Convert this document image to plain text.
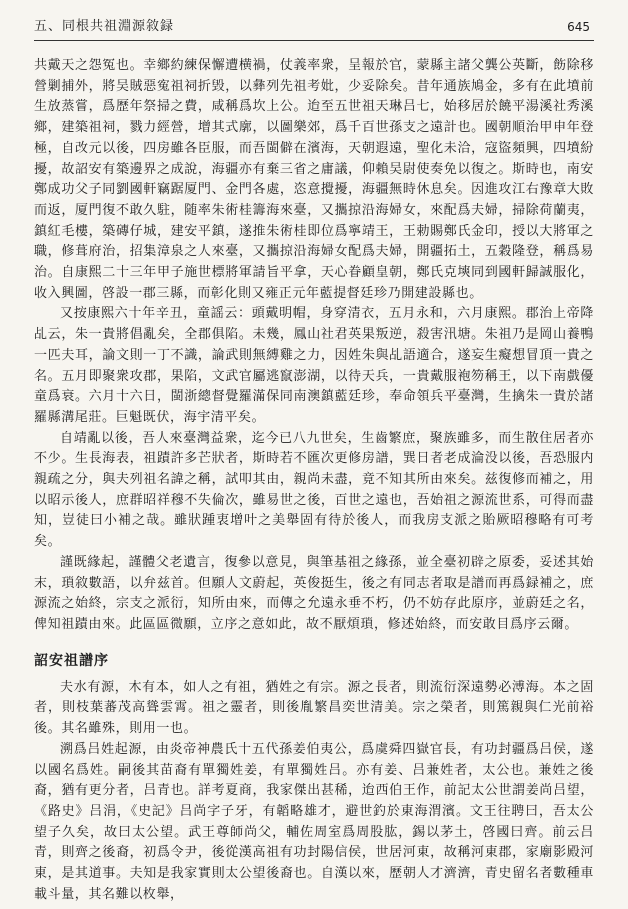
五、同根共祖淵源敘録	645

共戴天之怨冤也。幸鄉約練保懈遭横禍，仗義率衆，呈報於官，蒙縣主諸父龔公英斷，飭除移營剿捕外，將吴賊惡寃祖祠折毁，以彝列先祖考妣，少妥除矣。昔年通族鳩金，多有在此墳前生放蒸嘗，爲歷年祭掃之費，咸稱爲坎上公。迨至五世祖天琳吕七，始移居於饒平湯溪社秀溪鄉，建築祖祠，戮力經營，增其式廓，以圖樂郊，爲千百世孫支之遠計也。國朝順治甲申年登極，自改元以後，四房雖各臣服，而吾閩僻在濱海，天朝遐遠，聖化未洽，寇盜頻興，四墳紛擾，故詔安有築邊界之成說，海疆亦有棄三省之庸議，仰賴吴尉使奏免以復之。斯時也，南安鄭成功父子同劉國軒竊踞厦門、金門各處，恣意攪擾，海疆無時休息矣。因進攻江右豫章大敗而返，厦門復不敢久駐，随率朱術桂籌海來臺，又攜掠沿海婦女，來配爲夫婦，掃除荷蘭夷，鎮紅毛樓，築磚仔城，建安平鎮，遂推朱術桂即位爲寧靖王，王勅賜鄭氏金印，授以大將軍之職，修葺府治，招集漳泉之人來臺，又攜掠沿海婦女配爲夫婦，開疆拓土，五穀隆登，稱爲易治。自康熙二十三年甲子施世標將軍請旨平拿，天心眷顧皇朝，鄭氏克塽同到國軒歸誠服化，收入興圖，啓設一郡三縣，而彰化則又雍正元年藍提督廷珍乃開建設縣也。

又按康熙六十年辛丑，童謡云：頭戴明帽，身穿清衣，五月永和，六月康熙。郡治上帝降乩云，朱一貴將倡亂矣，全郡俱陷。未幾，鳳山社君英果叛逆，殺害汛塘。朱祖乃是岡山養鴨一匹夫耳，論文則一丁不識，論武則無縛雞之力，因姓朱與乩語適合，遂妄生癡想冒頂一貴之名。五月即聚衆攻郡，果陷，文武官屬逃竄澎湖，以待天兵，一貴戴服袍笏稱王，以下南戲優童爲衰。六月十六日，閩浙總督覺羅滿保同南澳鎮藍廷珍，奉命領兵平臺灣，生擒朱一貴於諸羅縣溝尾莊。巨魁既伏，海宇清平矣。

自靖亂以後，吾人來臺灣益衆，迄今已八九世矣，生齒繁庶，聚族雖多，而生散住居者亦不少。生長海表，祖蹟許多芒狀者，斯時若不匯次更修房譜，巽日者老成淪没以後，吾恐服内親疏之分，與夫列祖名諱之稱，試叩其由，親尚未盡，竟不知其所由來矣。兹復修而補之，用以昭示後人，庶群昭祥穆不失倫次，雖易世之後，百世之遠也，吾始祖之源流世系，可得而盡知，豈徒曰小補之哉。雖狀踵衷增叶之美舉固有待於後人，而我房支派之貽厥昭穆略有可考矣。

謹既緣起，謹體父老遺言，復參以意見，與筆基祖之緣孫，並全臺初辟之原委，妥述其始末，瑣敘數語，以弁兹首。但願人文蔚起，英俊挺生，後之有同志者取是譜而再爲録補之，庶源流之始終，宗支之派衍，知所由來，而傳之允遠永垂不朽，仍不妨存此原序，並蔚廷之名，俾知祖蹟由來。此區區微願，立序之意如此，故不厭煩瑣，修述始終，而安敢目爲序云爾。

詔安祖譜序

夫水有源，木有本，如人之有祖，猶姓之有宗。源之長者，則流衍深遠勢必溥海。本之固者，則枝葉蕃茂高聳雲霄。祖之靈者，則後胤繁昌奕世清美。宗之榮者，則篤親與仁光前裕後。其名雖殊，則用一也。

溯爲吕姓起源，由炎帝神農氏十五代孫姜伯夷公，爲虞舜四嶽官長，有功封疆爲吕侯，遂以國名爲姓。嗣後其苗裔有單獨姓姜，有單獨姓吕。亦有姜、吕兼姓者，太公也。兼姓之後裔，猶有更分者，吕青也。詳考夏商，我家傑出甚稀，迨西伯王作，前記太公世謂姜尚吕望，《路史》吕涓，《史記》吕尚字子牙，有韜略雄才，避世釣於東海渭濱。文王往聘曰，吾太公望子久矣，故曰太公望。武王尊師尚父，輔佐周室爲周股肱，錫以茅土，啓國曰齊。前云吕青，則齊之後裔，初爲令尹，後從漢高祖有功封陽信侯，世居河東，故稱河東郡，家廟影殿河東，是其道事。夫知是我家實則太公望後裔也。自漢以來，歷朝人才濟濟，青史留名者數種車載斗量，其名難以枚舉，
